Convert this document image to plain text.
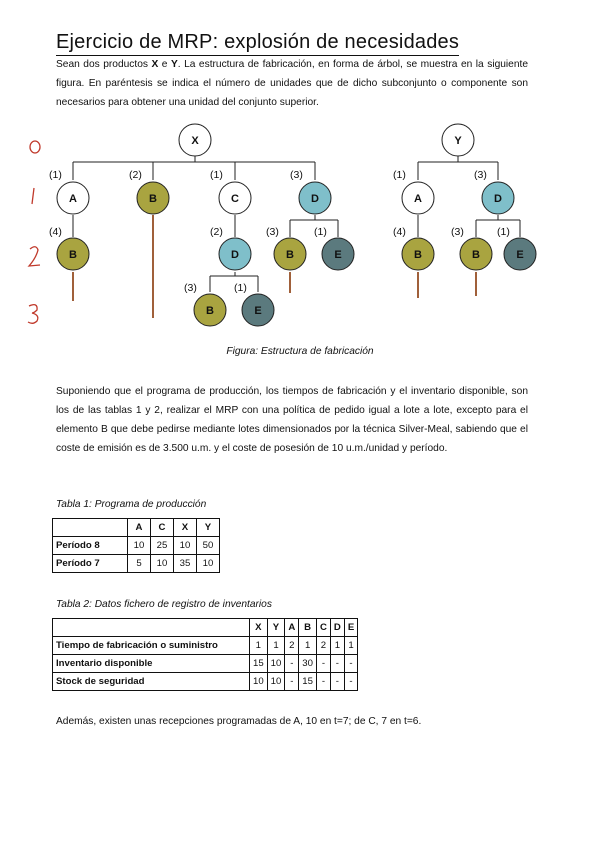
Ejercicio de MRP: explosión de necesidades

Sean dos productos X e Y. La estructura de fabricación, en forma de árbol, se muestra en la siguiente figura. En paréntesis se indica el número de unidades que de dicho subconjunto o componente son necesarios para obtener una unidad del conjunto superior.

(1)
(4)
(2)	(1)
(2)
(3)	(1)
(3)
(3)	(1)
(1)
(4)
(3)
(3)	(1)
X
A
B
B	C
D
B	E
D
B	E
Y
A
B
D
B	E
Figura: Estructura de fabricación

Suponiendo que el programa de producción, los tiempos de fabricación y el inventario disponible, son los de las tablas 1 y 2, realizar el MRP con una política de pedido igual a lote a lote, excepto para el elemento B que debe pedirse mediante lotes dimensionados por la técnica Silver-Meal, sabiendo que el coste de emisión es de 3.500 u.m. y el coste de posesión de 10 u.m./unidad y período.

Tabla 1: Programa de producción
	A	C	X	Y
Período 8	10	25	10	50
Período 7	5	10	35	10
Tabla 2: Datos fichero de registro de inventarios
	X	Y	A	B	C	D	E
Tiempo de fabricación o suministro	1	1	2	1	2	1	1
Inventario disponible	15	10	-	30	-	-	-
Stock de seguridad	10	10	-	15	-	-	-
Además, existen unas recepciones programadas de A, 10 en t=7; de C, 7 en t=6.
